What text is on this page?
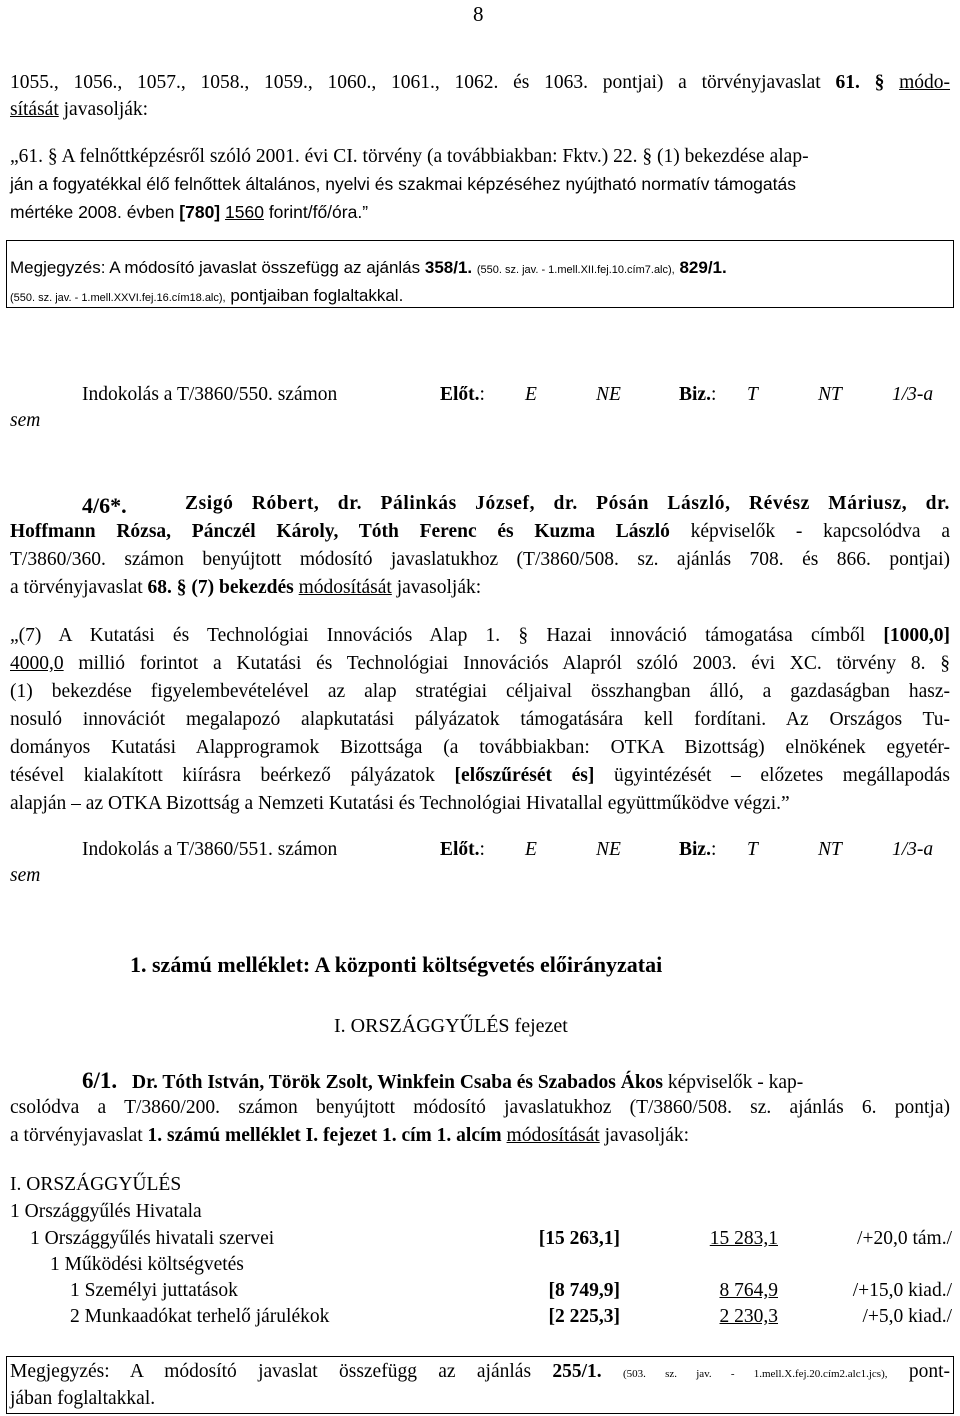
8
1055., 1056., 1057., 1058., 1059., 1060., 1061., 1062. és 1063. pontjai) a törvényjavaslat 61. § módo-
sítását javasolják:
„61. § A felnőttképzésről szóló 2001. évi CI. törvény (a továbbiakban: Fktv.) 22. § (1) bekezdése alap-
ján a fogyatékkal élő felnőttek általános, nyelvi és szakmai képzéséhez nyújtható normatív támogatás
mértéke 2008. évben [780] 1560 forint/fő/óra.”
Megjegyzés: A módosító javaslat összefügg az ajánlás 358/1. (550. sz. jav. - 1.mell.XII.fej.10.cím7.alc), 829/1.
(550. sz. jav. - 1.mell.XXVI.fej.16.cím18.alc), pontjaiban foglaltakkal.
Indokolás a T/3860/550. számon	Előt.: E	NE	Biz.: T	NT	1/3-a
sem
4/6*.	Zsigó Róbert, dr. Pálinkás József, dr. Pósán László, Révész Máriusz, dr.
Hoffmann Rózsa, Pánczél Károly, Tóth Ferenc és Kuzma László képviselők - kapcsolódva a
T/3860/360. számon benyújtott módosító javaslatukhoz (T/3860/508. sz. ajánlás 708. és 866. pontjai)
a törvényjavaslat 68. § (7) bekezdés módosítását javasolják:
„(7) A Kutatási és Technológiai Innovációs Alap 1. § Hazai innováció támogatása címből [1000,0]
4000,0 millió forintot a Kutatási és Technológiai Innovációs Alapról szóló 2003. évi XC. törvény 8. §
(1) bekezdése figyelembevételével az alap stratégiai céljaival összhangban álló, a gazdaságban hasz-
nosuló innovációt megalapozó alapkutatási pályázatok támogatására kell fordítani. Az Országos Tu-
dományos Kutatási Alapprogramok Bizottsága (a továbbiakban: OTKA Bizottság) elnökének egyetér-
tésével kialakított kiírásra beérkező pályázatok [előszűrését és] ügyintézését – előzetes megállapodás
alapján – az OTKA Bizottság a Nemzeti Kutatási és Technológiai Hivatallal együttműködve végzi.”
Indokolás a T/3860/551. számon	Előt.: E	NE	Biz.: T	NT	1/3-a
sem
1. számú melléklet: A központi költségvetés előirányzatai
I. ORSZÁGGYŰLÉS fejezet
6/1. Dr. Tóth István, Török Zsolt, Winkfein Csaba és Szabados Ákos képviselők - kap-
csolódva a T/3860/200. számon benyújtott módosító javaslatukhoz (T/3860/508. sz. ajánlás 6. pontja)
a törvényjavaslat 1. számú melléklet I. fejezet 1. cím 1. alcím módosítását javasolják:
I. ORSZÁGGYŰLÉS
1 Országgyűlés Hivatala
1 Országgyűlés hivatali szervei	[15 263,1]	15 283,1	/+20,0 tám./
1 Működési költségvetés
1 Személyi juttatások	[8 749,9]	8 764,9	/+15,0 kiad./
2 Munkaadókat terhelő járulékok	[2 225,3]	2 230,3	/+5,0 kiad./
Megjegyzés: A módosító javaslat összefügg az ajánlás 255/1. (503. sz. jav. - 1.mell.X.fej.20.cím2.alc1.jcs), pont-
jában foglaltakkal.
